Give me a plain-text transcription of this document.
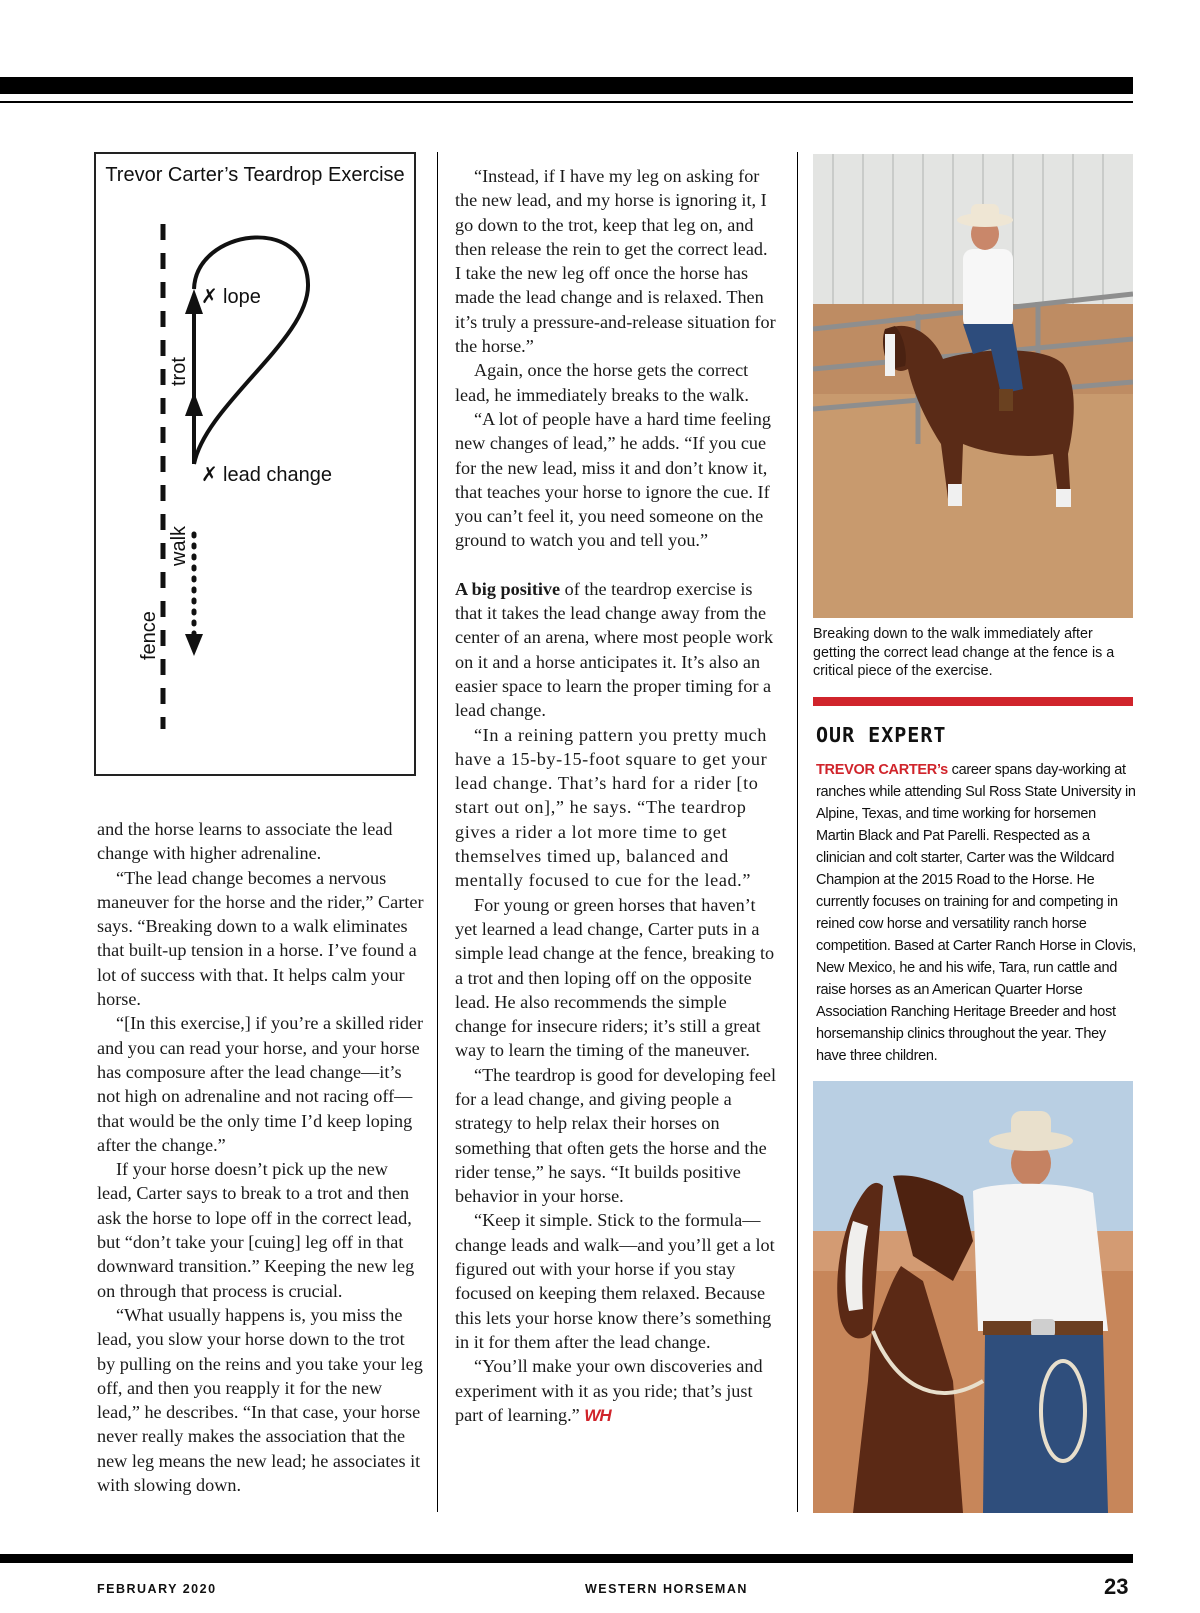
Trevor Carter’s Teardrop Exercise
✗ lope
✗ lead change
trot
walk
fence

and the horse learns to associate the lead change with higher adrenaline.

“The lead change becomes a nervous maneuver for the horse and the rider,” Carter says. “Breaking down to a walk eliminates that built-up tension in a horse. I’ve found a lot of success with that. It helps calm your horse.

“[In this exercise,] if you’re a skilled rider and you can read your horse, and your horse has composure after the lead change—it’s not high on adrenaline and not racing off—that would be the only time I’d keep loping after the change.”

If your horse doesn’t pick up the new lead, Carter says to break to a trot and then ask the horse to lope off in the correct lead, but “don’t take your [cuing] leg off in that downward transition.” Keeping the new leg on through that process is crucial.

“What usually happens is, you miss the lead, you slow your horse down to the trot by pulling on the reins and you take your leg off, and then you reapply it for the new lead,” he describes. “In that case, your horse never really makes the association that the new leg means the new lead; he associates it with slowing down.

“Instead, if I have my leg on asking for the new lead, and my horse is ignoring it, I go down to the trot, keep that leg on, and then release the rein to get the correct lead. I take the new leg off once the horse has made the lead change and is relaxed. Then it’s truly a pressure-and-release situation for the horse.”

Again, once the horse gets the correct lead, he immediately breaks to the walk.

“A lot of people have a hard time feeling new changes of lead,” he adds. “If you cue for the new lead, miss it and don’t know it, that teaches your horse to ignore the cue. If you can’t feel it, you need someone on the ground to watch you and tell you.”

A big positive of the teardrop exercise is that it takes the lead change away from the center of an arena, where most people work on it and a horse anticipates it. It’s also an easier space to learn the proper timing for a lead change.

“In a reining pattern you pretty much have a 15-by-15-foot square to get your lead change. That’s hard for a rider [to start out on],” he says. “The teardrop gives a rider a lot more time to get themselves timed up, balanced and mentally focused to cue for the lead.”

For young or green horses that haven’t yet learned a lead change, Carter puts in a simple lead change at the fence, breaking to a trot and then loping off on the opposite lead. He also recommends the simple change for insecure riders; it’s still a great way to learn the timing of the maneuver.

“The teardrop is good for developing feel for a lead change, and giving people a strategy to help relax their horses on something that often gets the horse and the rider tense,” he says. “It builds positive behavior in your horse.

“Keep it simple. Stick to the formula—change leads and walk—and you’ll get a lot figured out with your horse if you stay focused on keeping them relaxed. Because this lets your horse know there’s something in it for them after the lead change.

“You’ll make your own discoveries and experiment with it as you ride; that’s just part of learning.” WH

Breaking down to the walk immediately after getting the correct lead change at the fence is a critical piece of the exercise.
OUR EXPERT
TREVOR CARTER’s career spans day-working at ranches while attending Sul Ross State University in Alpine, Texas, and time working for horsemen Martin Black and Pat Parelli. Respected as a clinician and colt starter, Carter was the Wildcard Champion at the 2015 Road to the Horse. He currently focuses on training for and competing in reined cow horse and versatility ranch horse competition. Based at Carter Ranch Horse in Clovis, New Mexico, he and his wife, Tara, run cattle and raise horses as an American Quarter Horse Association Ranching Heritage Breeder and host horsemanship clinics throughout the year. They have three children.
FEBRUARY 2020	WESTERN HORSEMAN	23
